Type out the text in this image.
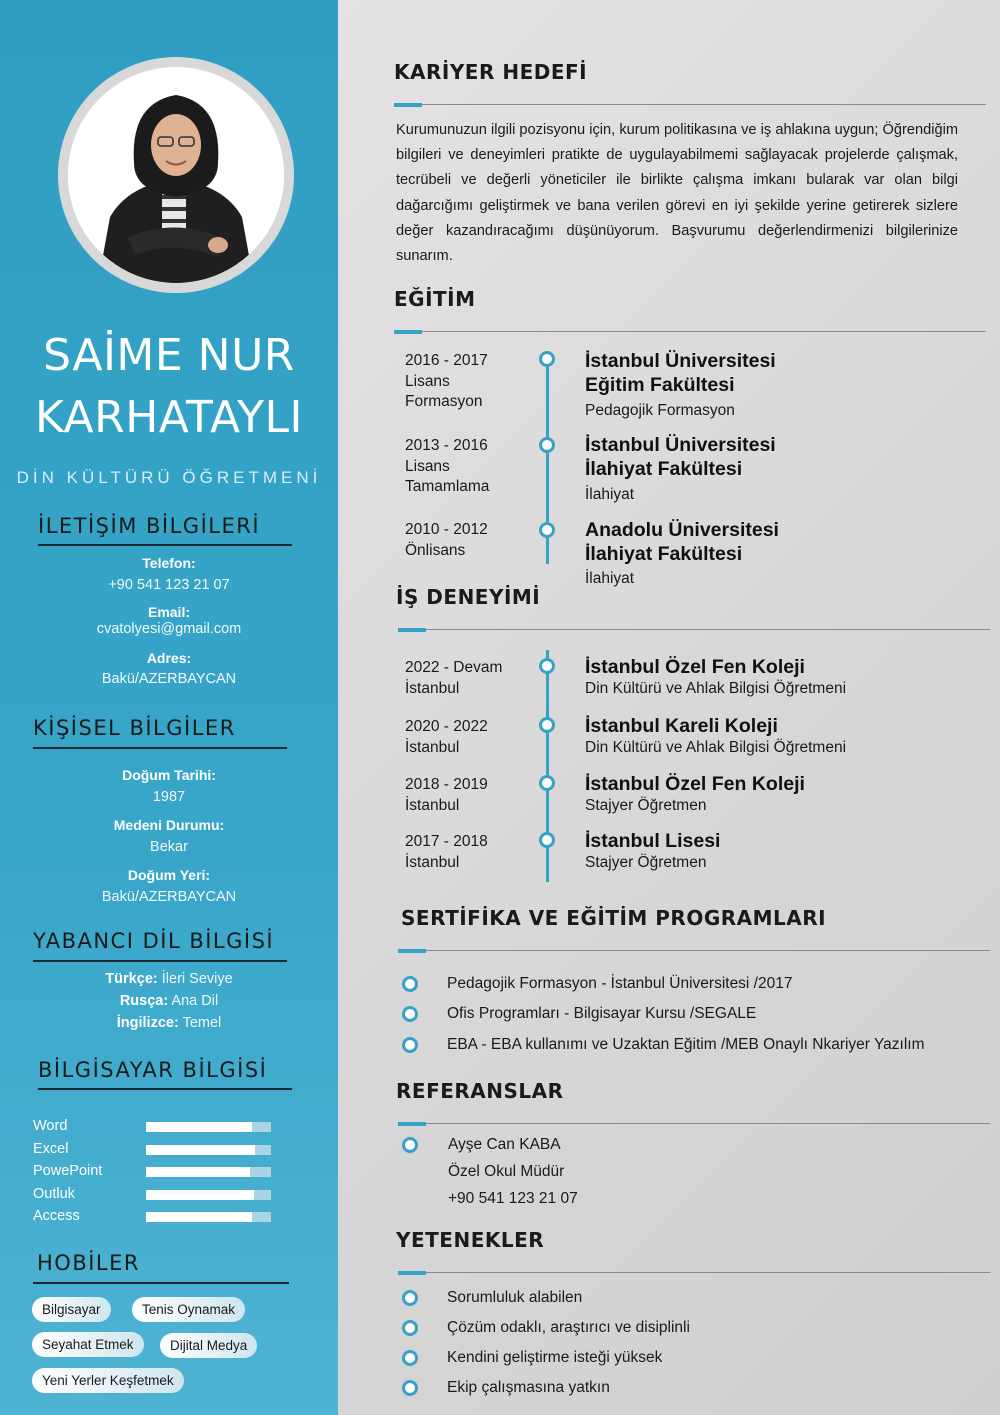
SAİME NUR
KARHATAYLI
DİN KÜLTÜRÜ ÖĞRETMENİ
İLETİŞİM BİLGİLERİ
Telefon:
+90 541 123 21 07
Email:
cvatolyesi@gmail.com
Adres:
Bakü/AZERBAYCAN
KİŞİSEL BİLGİLER
Doğum Tarihi:
1987
Medeni Durumu:
Bekar
Doğum Yeri:
Bakü/AZERBAYCAN
YABANCI DİL BİLGİSİ
Türkçe: İleri Seviye
Rusça: Ana Dil
İngilizce: Temel
BİLGİSAYAR BİLGİSİ
Word
Excel
PowePoint
Outluk
Access
HOBİLER
Bilgisayar	Tenis Oynamak
Seyahat Etmek	Dijital Medya
Yeni Yerler Keşfetmek
KARİYER HEDEFİ
Kurumunuzun ilgili pozisyonu için, kurum politikasına ve iş ahlakına uygun; Öğrendiğim bilgileri ve deneyimleri pratikte de uygulayabilmemi sağlayacak projelerde çalışmak, tecrübeli ve değerli yöneticiler ile birlikte çalışma imkanı bularak var olan bilgi dağarcığımı geliştirmek ve bana verilen görevi en iyi şekilde yerine getirerek sizlere değer kazandıracağımı düşünüyorum. Başvurumu değerlendirmenizi bilgilerinize sunarım.
EĞİTİM
2016 - 2017
Lisans
Formasyon
İstanbul Üniversitesi
Eğitim Fakültesi
Pedagojik Formasyon
2013 - 2016
Lisans
Tamamlama
İstanbul Üniversitesi
İlahiyat Fakültesi
İlahiyat
2010 - 2012
Önlisans
Anadolu Üniversitesi
İlahiyat Fakültesi
İlahiyat
İŞ DENEYİMİ
2022 - Devam
İstanbul
İstanbul Özel Fen Koleji
Din Kültürü ve Ahlak Bilgisi Öğretmeni
2020 - 2022
İstanbul
İstanbul Kareli Koleji
Din Kültürü ve Ahlak Bilgisi Öğretmeni
2018 - 2019
İstanbul
İstanbul Özel Fen Koleji
Stajyer Öğretmen
2017 - 2018
İstanbul
İstanbul Lisesi
Stajyer Öğretmen
SERTİFİKA VE EĞİTİM PROGRAMLARI
Pedagojik Formasyon - İstanbul Üniversitesi /2017
Ofis Programları - Bilgisayar Kursu /SEGALE
EBA - EBA kullanımı ve Uzaktan Eğitim /MEB Onaylı Nkariyer Yazılım
REFERANSLAR
Ayşe Can KABA
Özel Okul Müdür
+90 541 123 21 07
YETENEKLER
Sorumluluk alabilen
Çözüm odaklı, araştırıcı ve disiplinli
Kendini geliştirme isteği yüksek
Ekip çalışmasına yatkın
